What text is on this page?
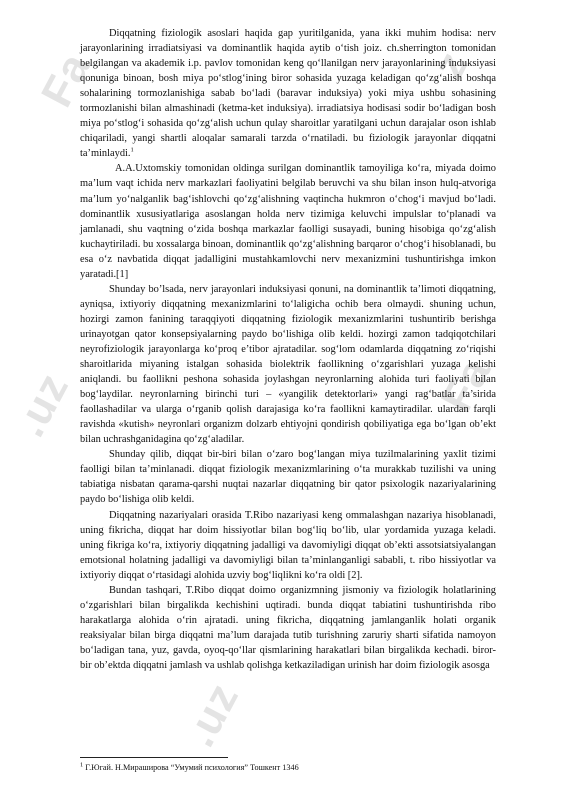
Fa	z
.uz	Fa
.uz

Diqqatning fiziologik asoslari haqida gap yuritilganida, yana ikki muhim hodisa: nerv jarayonlarining irradiatsiyasi va dominantlik haqida aytib o‘tish joiz. ch.sherrington tomonidan belgilangan va akademik i.p. pavlov tomonidan keng qo‘llanilgan nerv jarayonlarining induksiyasi qonuniga binoan, bosh miya po‘stlog‘ining biror sohasida yuzaga keladigan qo‘zg‘alish boshqa sohalarining tormozlanishiga sabab bo‘ladi (baravar induksiya) yoki miya ushbu sohasining tormozlanishi bilan almashinadi (ketma-ket induksiya). irradiatsiya hodisasi sodir bo‘ladigan bosh miya po‘stlog‘i sohasida qo‘zg‘alish uchun qulay sharoitlar yaratilgani uchun darajalar oson ishlab chiqariladi, yangi shartli aloqalar samarali tarzda o‘rnatiladi. bu fiziologik jarayonlar diqqatni ta’minlaydi.$^1$

A.A.Uxtomskiy tomonidan oldinga surilgan dominantlik tamoyiliga ko‘ra, miyada doimo ma’lum vaqt ichida nerv markazlari faoliyatini belgilab beruvchi va shu bilan inson hulq-atvoriga ma’lum yo‘nalganlik bag‘ishlovchi qo‘zg‘alishning vaqtincha hukmron o‘chog‘i mavjud bo‘ladi. dominantlik xususiyatlariga asoslangan holda nerv tizimiga keluvchi impulslar to‘planadi va jamlanadi, shu vaqtning o‘zida boshqa markazlar faolligi susayadi, buning hisobiga qo‘zg‘alish kuchaytiriladi. bu xossalarga binoan, dominantlik qo‘zg‘alishning barqaror o‘chog‘i hisoblanadi, bu esa o‘z navbatida diqqat jadalligini mustahkamlovchi nerv mexanizmini tushuntirishga imkon yaratadi.[1]

Shunday bo’lsada, nerv jarayonlari induksiyasi qonuni, na dominantlik ta’limoti diqqatning, ayniqsa, ixtiyoriy diqqatning mexanizmlarini to‘laligicha ochib bera olmaydi. shuning uchun, hozirgi zamon fanining taraqqiyoti diqqatning fiziologik mexanizmlarini tushuntirib berishga urinayotgan qator konsepsiyalarning paydo bo‘lishiga olib keldi. hozirgi zamon tadqiqotchilari neyrofiziologik jarayonlarga ko‘proq e’tibor ajratadilar. sog‘lom odamlarda diqqatning zo‘riqishi sharoitlarida miyaning istalgan sohasida biolektrik faollikning o‘zgarishlari yuzaga kelishi aniqlandi. bu faollikni peshona sohasida joylashgan neyronlarning alohida turi faoliyati bilan bog‘laydilar. neyronlarning birinchi turi – «yangilik detektorlari» yangi rag‘batlar ta’sirida faollashadilar va ularga o‘rganib qolish darajasiga ko‘ra faollikni kamaytiradilar. ulardan farqli ravishda «kutish» neyronlari organizm dolzarb ehtiyojni qondirish qobiliyatiga ega bo‘lgan ob’ekt bilan uchrashganidagina qo‘zg‘aladilar.

Shunday qilib, diqqat bir-biri bilan o‘zaro bog‘langan miya tuzilmalarining yaxlit tizimi faolligi bilan ta’minlanadi. diqqat fiziologik mexanizmlarining o‘ta murakkab tuzilishi va uning tabiatiga nisbatan qarama-qarshi nuqtai nazarlar diqqatning bir qator psixologik nazariyalarining paydo bo‘lishiga olib keldi.

Diqqatning nazariyalari orasida T.Ribo nazariyasi keng ommalashgan nazariya hisoblanadi, uning fikricha, diqqat har doim hissiyotlar bilan bog‘liq bo‘lib, ular yordamida yuzaga keladi. uning fikriga ko‘ra, ixtiyoriy diqqatning jadalligi va davomiyligi diqqat ob’ekti assotsiatsiyalangan emotsional holatning jadalligi va davomiyligi bilan ta’minlanganligi sababli, t. ribo hissiyotlar va ixtiyoriy diqqat o‘rtasidagi alohida uzviy bog‘liqlikni ko‘ra oldi [2].

Bundan tashqari, T.Ribo diqqat doimo organizmning jismoniy va fiziologik holatlarining o‘zgarishlari bilan birgalikda kechishini uqtiradi. bunda diqqat tabiatini tushuntirishda ribo harakatlarga alohida o‘rin ajratadi. uning fikricha, diqqatning jamlanganlik holati organik reaksiyalar bilan birga diqqatni ma’lum darajada tutib turishning zaruriy sharti sifatida namoyon bo‘ladigan tana, yuz, gavda, oyoq-qo‘llar qismlarining harakatlari bilan birgalikda kechadi. biror-bir ob’ektda diqqatni jamlash va ushlab qolishga ketkaziladigan urinish har doim fiziologik asosga

$^1$ Г.Югай. Н.Мираширова “Умумий психология” Тошкент 1346
